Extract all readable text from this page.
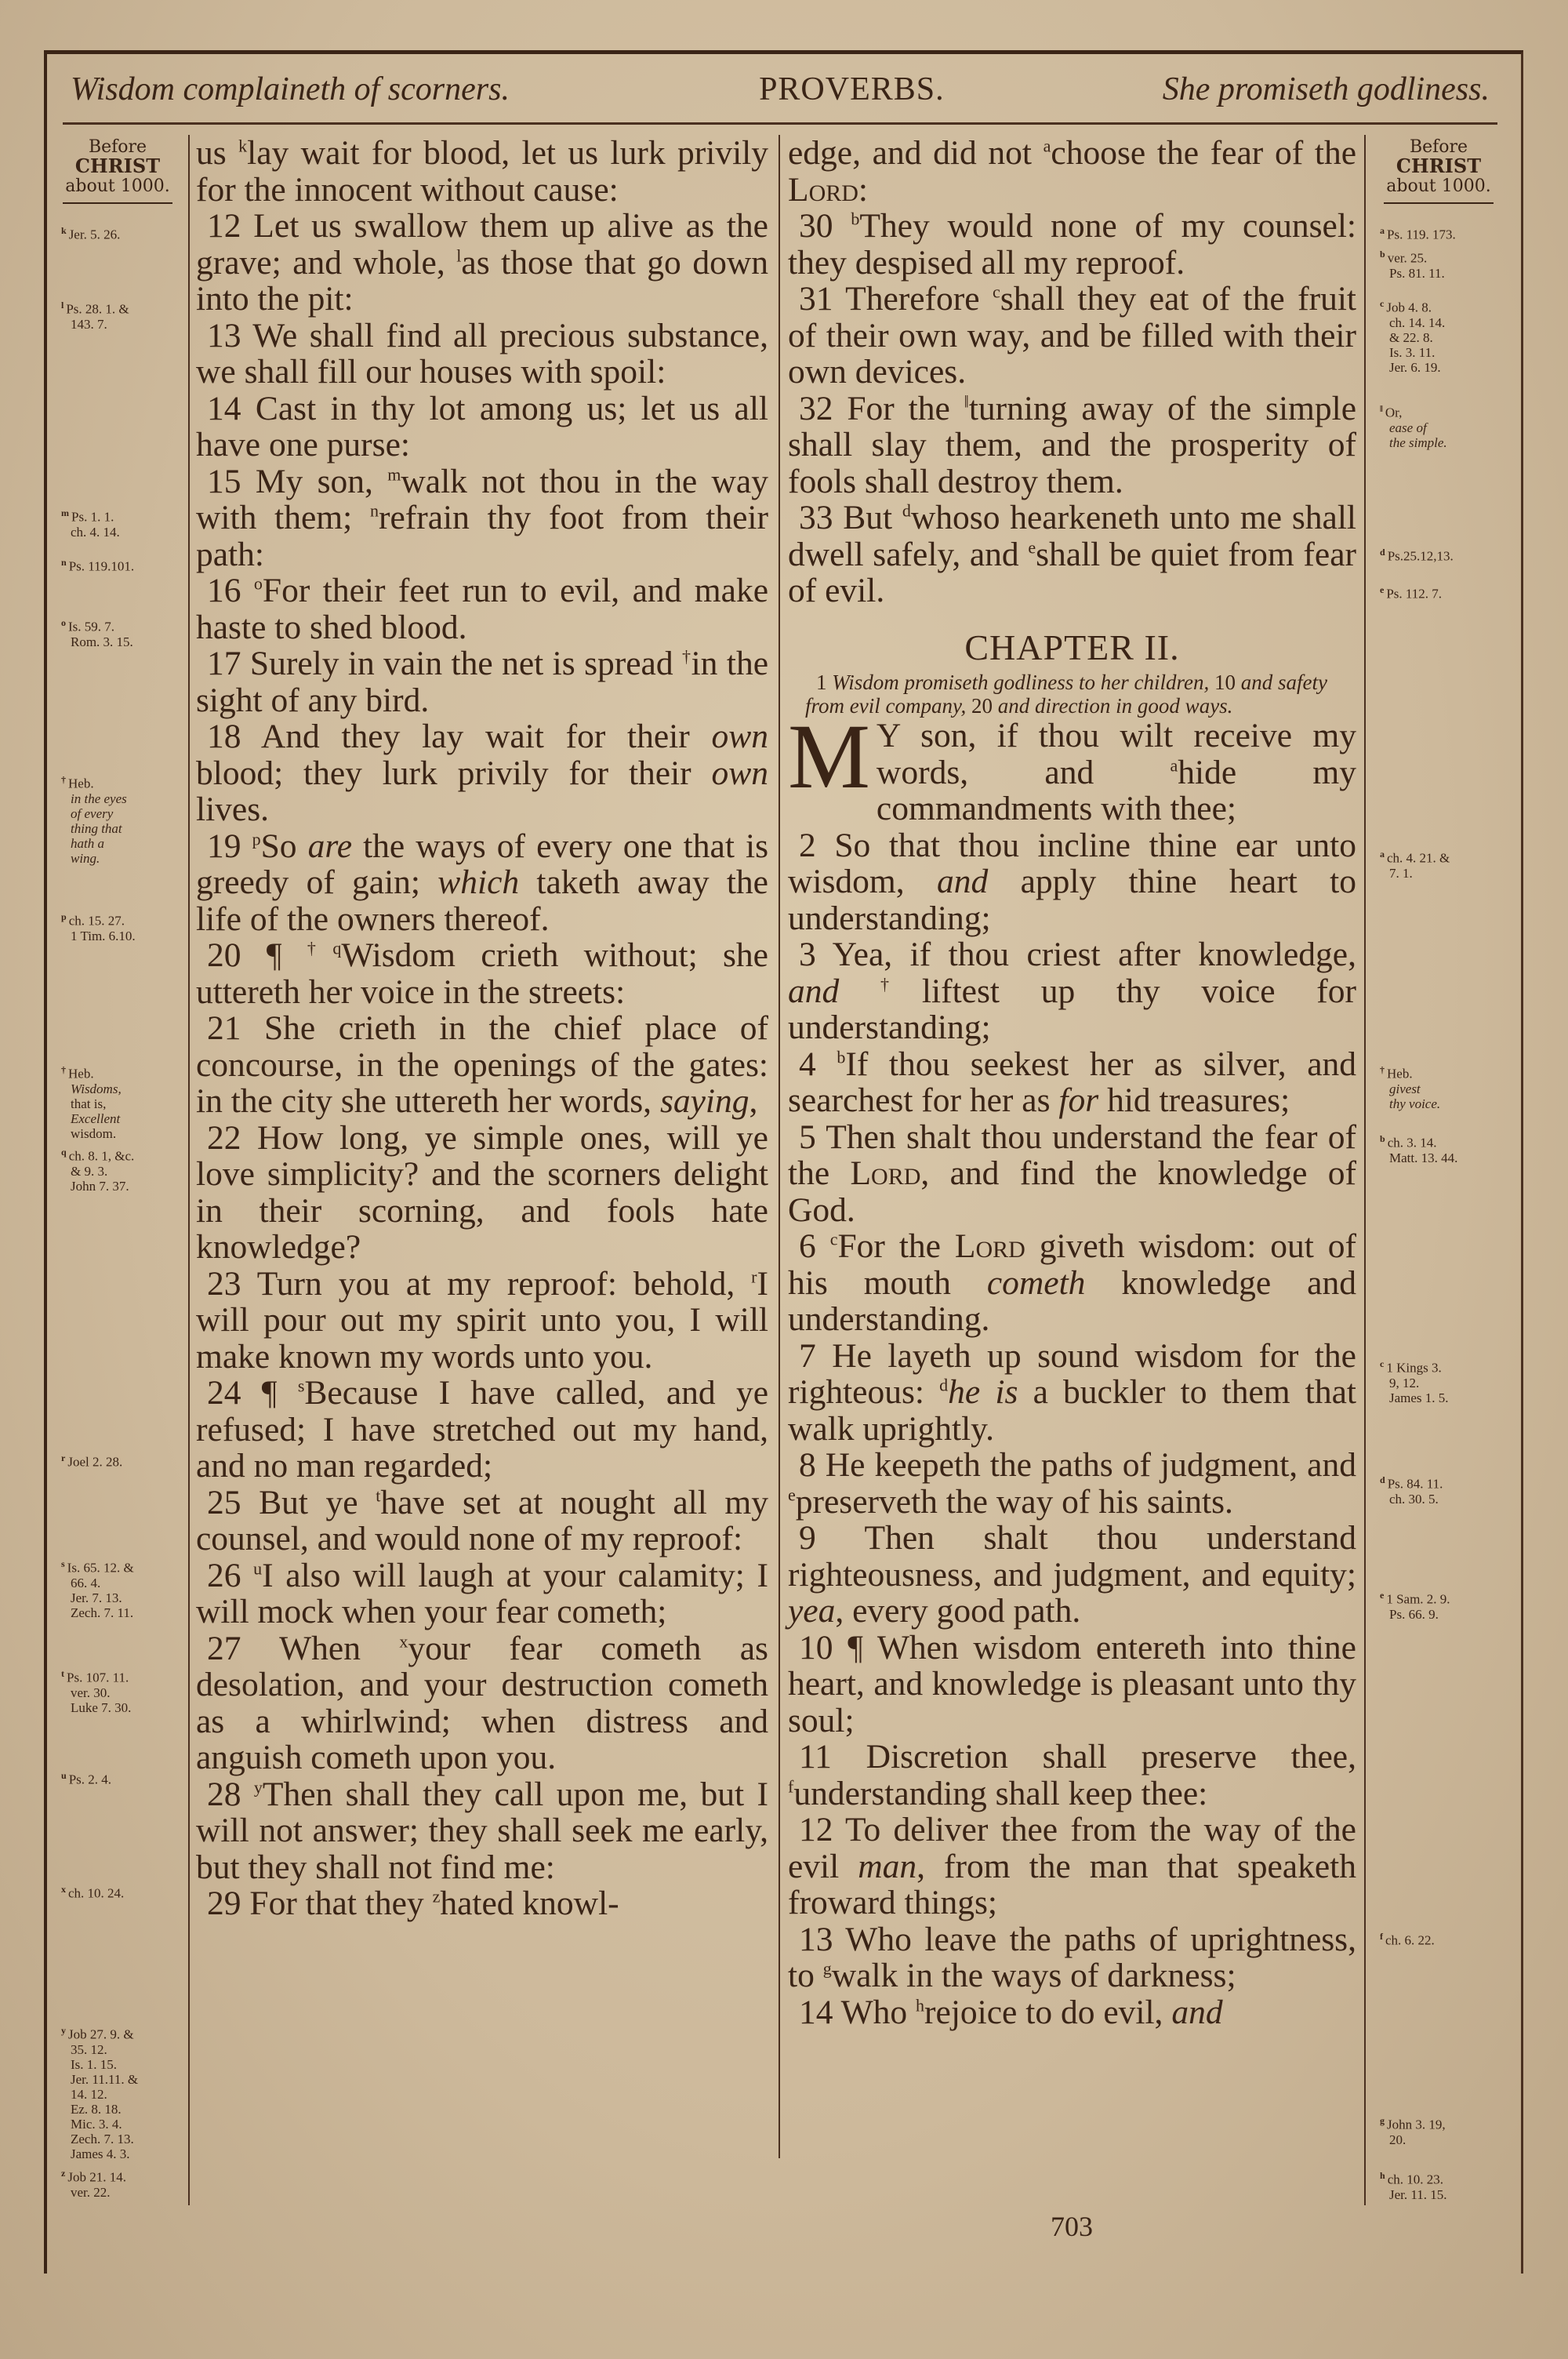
Wisdom complaineth of scorners.	PROVERBS.	She promiseth godliness.
Before
CHRIST
about 1000.
$^k$ Jer. 5. 26.
$^l$ Ps. 28. 1. &
143. 7.
$^m$ Ps. 1. 1.
ch. 4. 14.
$^n$ Ps. 119.101.
$^o$ Is. 59. 7.
Rom. 3. 15.
† Heb.
in the eyes
of every
thing that
hath a
wing.
$^p$ ch. 15. 27.
1 Tim. 6.10.
† Heb.
Wisdoms,
that is,
Excellent
wisdom.
$^q$ ch. 8. 1, &c.
& 9. 3.
John 7. 37.
$^r$ Joel 2. 28.
$^s$ Is. 65. 12. &
66. 4.
Jer. 7. 13.
Zech. 7. 11.
$^t$ Ps. 107. 11.
ver. 30.
Luke 7. 30.
$^u$ Ps. 2. 4.
$^x$ ch. 10. 24.
$^y$ Job 27. 9. &
35. 12.
Is. 1. 15.
Jer. 11.11. &
14. 12.
Ez. 8. 18.
Mic. 3. 4.
Zech. 7. 13.
James 4. 3.
$^z$ Job 21. 14.
ver. 22.
Before
CHRIST
about 1000.
$^a$ Ps. 119. 173.
$^b$ ver. 25.
Ps. 81. 11.
$^c$ Job 4. 8.
ch. 14. 14.
& 22. 8.
Is. 3. 11.
Jer. 6. 19.
‖ Or,
ease of
the simple.
$^d$ Ps.25.12,13.
$^e$ Ps. 112. 7.
$^a$ ch. 4. 21. &
7. 1.
† Heb.
givest
thy voice.
$^b$ ch. 3. 14.
Matt. 13. 44.
$^c$ 1 Kings 3.
9, 12.
James 1. 5.
$^d$ Ps. 84. 11.
ch. 30. 5.
$^e$ 1 Sam. 2. 9.
Ps. 66. 9.
$^f$ ch. 6. 22.
$^g$ John 3. 19,
20.
$^h$ ch. 10. 23.
Jer. 11. 15.

us $^k$lay wait for blood, let us lurk privily for the innocent without cause:

12 Let us swallow them up alive as the grave; and whole, $^l$as those that go down into the pit:

13 We shall find all precious substance, we shall fill our houses with spoil:

14 Cast in thy lot among us; let us all have one purse:

15 My son, $^m$walk not thou in the way with them; $^n$refrain thy foot from their path:

16 $^o$For their feet run to evil, and make haste to shed blood.

17 Surely in vain the net is spread †in the sight of any bird.

18 And they lay wait for their own blood; they lurk privily for their own lives.

19 $^p$So are the ways of every one that is greedy of gain; which taketh away the life of the owners thereof.

20 ¶ $^{\dagger q}$Wisdom crieth without; she uttereth her voice in the streets:

21 She crieth in the chief place of concourse, in the openings of the gates: in the city she uttereth her words, saying,

22 How long, ye simple ones, will ye love simplicity? and the scorners delight in their scorning, and fools hate knowledge?

23 Turn you at my reproof: behold, $^r$I will pour out my spirit unto you, I will make known my words unto you.

24 ¶ $^s$Because I have called, and ye refused; I have stretched out my hand, and no man regarded;

25 But ye $^t$have set at nought all my counsel, and would none of my reproof:

26 $^u$I also will laugh at your calamity; I will mock when your fear cometh;

27 When $^x$your fear cometh as desolation, and your destruction cometh as a whirlwind; when distress and anguish cometh upon you.

28 $^y$Then shall they call upon me, but I will not answer; they shall seek me early, but they shall not find me:

29 For that they $^z$hated knowl-

edge, and did not $^a$choose the fear of the Lord:

30 $^b$They would none of my counsel: they despised all my reproof.

31 Therefore $^c$shall they eat of the fruit of their own way, and be filled with their own devices.

32 For the ‖turning away of the simple shall slay them, and the prosperity of fools shall destroy them.

33 But $^d$whoso hearkeneth unto me shall dwell safely, and $^e$shall be quiet from fear of evil.

CHAPTER II.

1 Wisdom promiseth godliness to her children, 10 and safety from evil company, 20 and direction in good ways.

M Y son, if thou wilt receive my words, and $^a$hide my commandments with thee;

2 So that thou incline thine ear unto wisdom, and apply thine heart to understanding;

3 Yea, if thou criest after knowledge, and †liftest up thy voice for understanding;

4 $^b$If thou seekest her as silver, and searchest for her as for hid treasures;

5 Then shalt thou understand the fear of the Lord, and find the knowledge of God.

6 $^c$For the Lord giveth wisdom: out of his mouth cometh knowledge and understanding.

7 He layeth up sound wisdom for the righteous: $^d$he is a buckler to them that walk uprightly.

8 He keepeth the paths of judgment, and $^e$preserveth the way of his saints.

9 Then shalt thou understand righteousness, and judgment, and equity; yea, every good path.

10 ¶ When wisdom entereth into thine heart, and knowledge is pleasant unto thy soul;

11 Discretion shall preserve thee, $^f$understanding shall keep thee:

12 To deliver thee from the way of the evil man, from the man that speaketh froward things;

13 Who leave the paths of uprightness, to $^g$walk in the ways of darkness;

14 Who $^h$rejoice to do evil, and

703
